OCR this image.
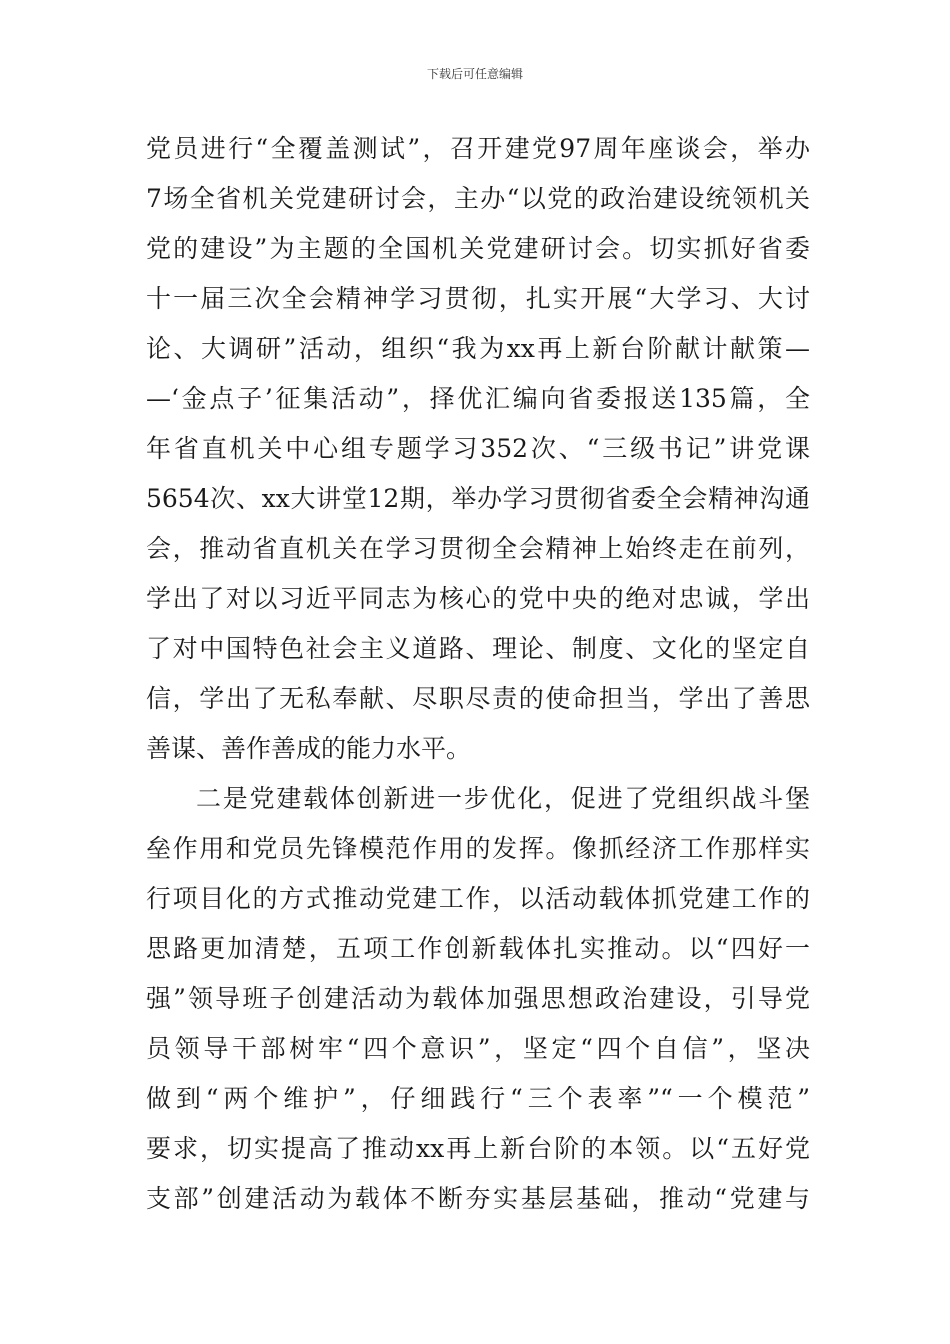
下载后可任意编辑
党员进行“全覆盖测试”，召开建党97周年座谈会，举办
7场全省机关党建研讨会，主办“以党的政治建设统领机关
党的建设”为主题的全国机关党建研讨会。切实抓好省委
十一届三次全会精神学习贯彻，扎实开展“大学习、大讨
论、大调研”活动，组织“我为xx再上新台阶献计献策—
—‘金点子’征集活动”，择优汇编向省委报送135篇，全
年省直机关中心组专题学习352次、“三级书记”讲党课
5654次、xx大讲堂12期，举办学习贯彻省委全会精神沟通
会，推动省直机关在学习贯彻全会精神上始终走在前列，
学出了对以习近平同志为核心的党中央的绝对忠诚，学出
了对中国特色社会主义道路、理论、制度、文化的坚定自
信，学出了无私奉献、尽职尽责的使命担当，学出了善思
善谋、善作善成的能力水平。
二是党建载体创新进一步优化，促进了党组织战斗堡
垒作用和党员先锋模范作用的发挥。像抓经济工作那样实
行项目化的方式推动党建工作，以活动载体抓党建工作的
思路更加清楚，五项工作创新载体扎实推动。以“四好一
强”领导班子创建活动为载体加强思想政治建设，引导党
员领导干部树牢“四个意识”，坚定“四个自信”，坚决
做到“两个维护”，仔细践行“三个表率”“一个模范”
要求，切实提高了推动xx再上新台阶的本领。以“五好党
支部”创建活动为载体不断夯实基层基础，推动“党建与
